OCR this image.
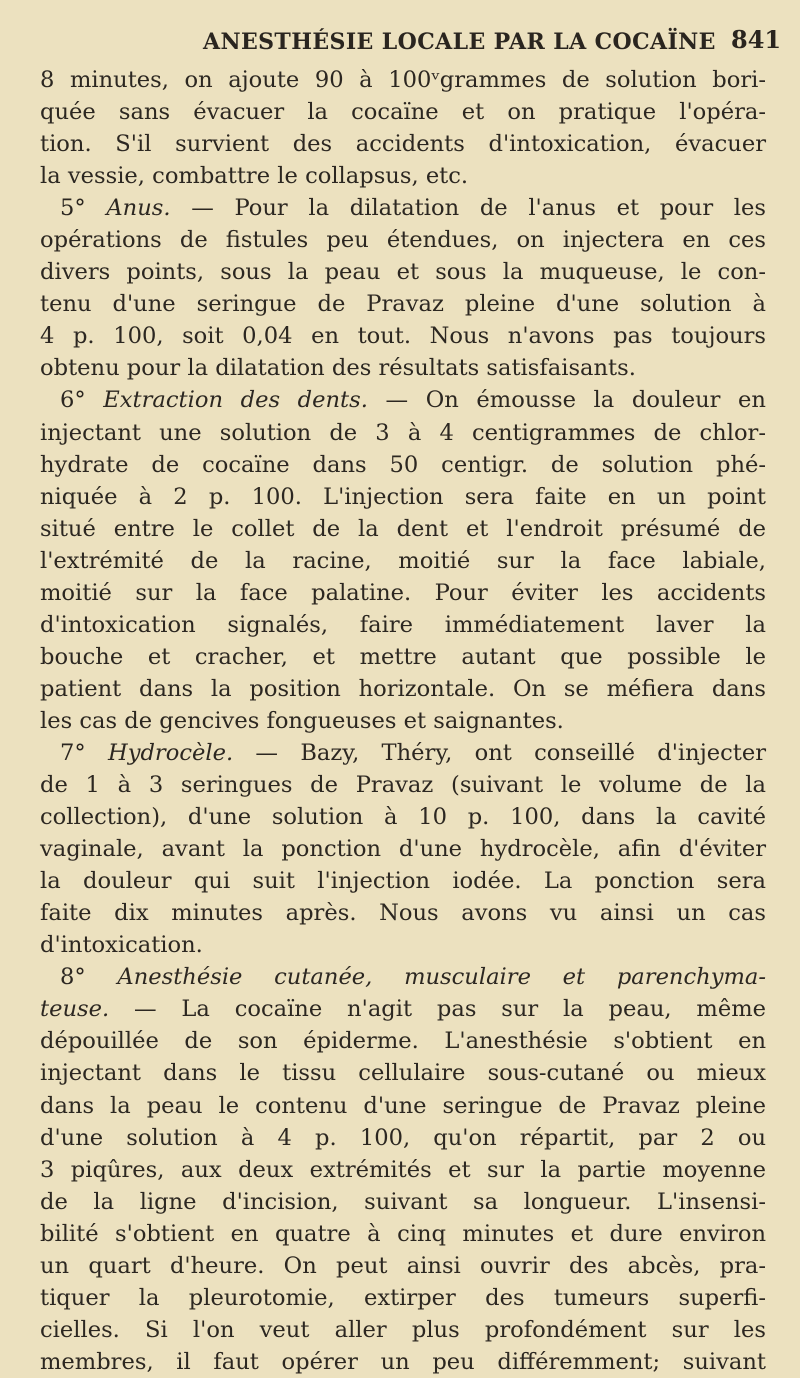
ANESTHÉSIE LOCALE PAR LA COCAÏNE 841
8 minutes, on ajoute 90 à 100ᵛgrammes de solution bori-
quée sans évacuer la cocaïne et on pratique l'opéra-
tion. S'il survient des accidents d'intoxication, évacuer
la vessie, combattre le collapsus, etc.
5° Anus. — Pour la dilatation de l'anus et pour les
opérations de fistules peu étendues, on injectera en ces
divers points, sous la peau et sous la muqueuse, le con-
tenu d'une seringue de Pravaz pleine d'une solution à
4 p. 100, soit 0,04 en tout. Nous n'avons pas toujours
obtenu pour la dilatation des résultats satisfaisants.
6° Extraction des dents. — On émousse la douleur en
injectant une solution de 3 à 4 centigrammes de chlor-
hydrate de cocaïne dans 50 centigr. de solution phé-
niquée à 2 p. 100. L'injection sera faite en un point
situé entre le collet de la dent et l'endroit présumé de
l'extrémité de la racine, moitié sur la face labiale,
moitié sur la face palatine. Pour éviter les accidents
d'intoxication signalés, faire immédiatement laver la
bouche et cracher, et mettre autant que possible le
patient dans la position horizontale. On se méfiera dans
les cas de gencives fongueuses et saignantes.
7° Hydrocèle. — Bazy, Théry, ont conseillé d'injecter
de 1 à 3 seringues de Pravaz (suivant le volume de la
collection), d'une solution à 10 p. 100, dans la cavité
vaginale, avant la ponction d'une hydrocèle, afin d'éviter
la douleur qui suit l'injection iodée. La ponction sera
faite dix minutes après. Nous avons vu ainsi un cas
d'intoxication.
8° Anesthésie cutanée, musculaire et parenchyma-
teuse. — La cocaïne n'agit pas sur la peau, même
dépouillée de son épiderme. L'anesthésie s'obtient en
injectant dans le tissu cellulaire sous-cutané ou mieux
dans la peau le contenu d'une seringue de Pravaz pleine
d'une solution à 4 p. 100, qu'on répartit, par 2 ou
3 piqûres, aux deux extrémités et sur la partie moyenne
de la ligne d'incision, suivant sa longueur. L'insensi-
bilité s'obtient en quatre à cinq minutes et dure environ
un quart d'heure. On peut ainsi ouvrir des abcès, pra-
tiquer la pleurotomie, extirper des tumeurs superfi-
cielles. Si l'on veut aller plus profondément sur les
membres, il faut opérer un peu différemment; suivant
